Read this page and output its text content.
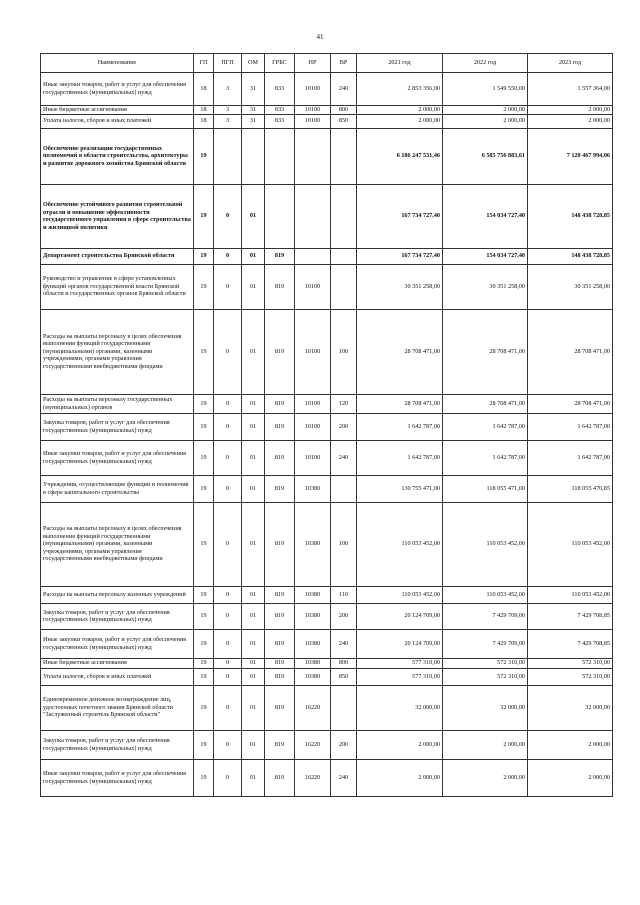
41
Наименование	ГП	ПГП	ОМ	ГРБС	НР	ВР	2021 год	2022 год	2023 год
Иные закупки товаров, работ и услуг для обеспечения государственных (муниципальных) нужд	18	3	31	833	10100	240	2 853 356,00	1 549 550,00	1 557 364,00
Иные бюджетные ассигнования	18	3	31	833	10100	800	2 000,00	2 000,00	2 000,00
Уплата налогов, сборов и иных платежей	18	3	31	833	10100	850	2 000,00	2 000,00	2 000,00
Обеспечение реализации государственных полномочий в области строительства, архитектуры и развитие дорожного хозяйства Брянской области	19						6 186 247 531,46	6 585 756 883,61	7 120 467 994,06
Обеспечение устойчивого развития строительной отрасли и повышение эффективности государственного управления в сфере строительства и жилищной политики	19	0	01				167 734 727,40	154 034 727,40	148 438 728,85
Департамент строительства Брянской области	19	0	01	819			167 734 727,40	154 034 727,40	148 438 728,85
Руководство и управление в сфере установленных функций органов государственной власти Брянской области и государственных органов Брянской области	19	0	01	819	10100		30 351 258,00	30 351 258,00	30 351 258,00
Расходы на выплаты персоналу в целях обеспечения выполнения функций государственными (муниципальными) органами, казенными учреждениями, органами управления государственными внебюджетными фондами	19	0	01	819	10100	100	28 708 471,00	28 708 471,00	28 708 471,00
Расходы на выплаты персоналу государственных (муниципальных) органов	19	0	01	819	10100	120	28 708 471,00	28 708 471,00	28 708 471,00
Закупка товаров, работ и услуг для обеспечения государственных (муниципальных) нужд	19	0	01	819	10100	200	1 642 787,00	1 642 787,00	1 642 787,00
Иные закупки товаров, работ и услуг для обеспечения государственных (муниципальных) нужд	19	0	01	819	10100	240	1 642 787,00	1 642 787,00	1 642 787,00
Учреждения, осуществляющие функции и полномочия в сфере капитального строительства	19	0	01	819	10380		130 755 471,00	118 055 471,00	118 055 470,85
Расходы на выплаты персоналу в целях обеспечения выполнения функций государственными (муниципальными) органами, казенными учреждениями, органами управления государственными внебюджетными фондами	19	0	01	819	10380	100	110 053 452,00	110 053 452,00	110 053 452,00
Расходы на выплаты персоналу казенных учреждений	19	0	01	819	10380	110	110 053 452,00	110 053 452,00	110 053 452,00
Закупка товаров, работ и услуг для обеспечения государственных (муниципальных) нужд	19	0	01	819	10380	200	20 124 709,00	7 429 709,00	7 429 708,85
Иные закупки товаров, работ и услуг для обеспечения государственных (муниципальных) нужд	19	0	01	819	10380	240	20 124 709,00	7 429 709,00	7 429 708,85
Иные бюджетные ассигнования	19	0	01	819	10380	800	577 310,00	572 310,00	572 310,00
Уплата налогов, сборов и иных платежей	19	0	01	819	10380	850	577 310,00	572 310,00	572 310,00
Единовременное денежное вознаграждение лиц, удостоенных почетного звания Брянской области "Заслуженный строитель Брянской области"	19	0	01	819	16220		32 000,00	32 000,00	32 000,00
Закупка товаров, работ и услуг для обеспечения государственных (муниципальных) нужд	19	0	01	819	16220	200	2 000,00	2 000,00	2 000,00
Иные закупки товаров, работ и услуг для обеспечения государственных (муниципальных) нужд	19	0	01	819	16220	240	2 000,00	2 000,00	2 000,00
